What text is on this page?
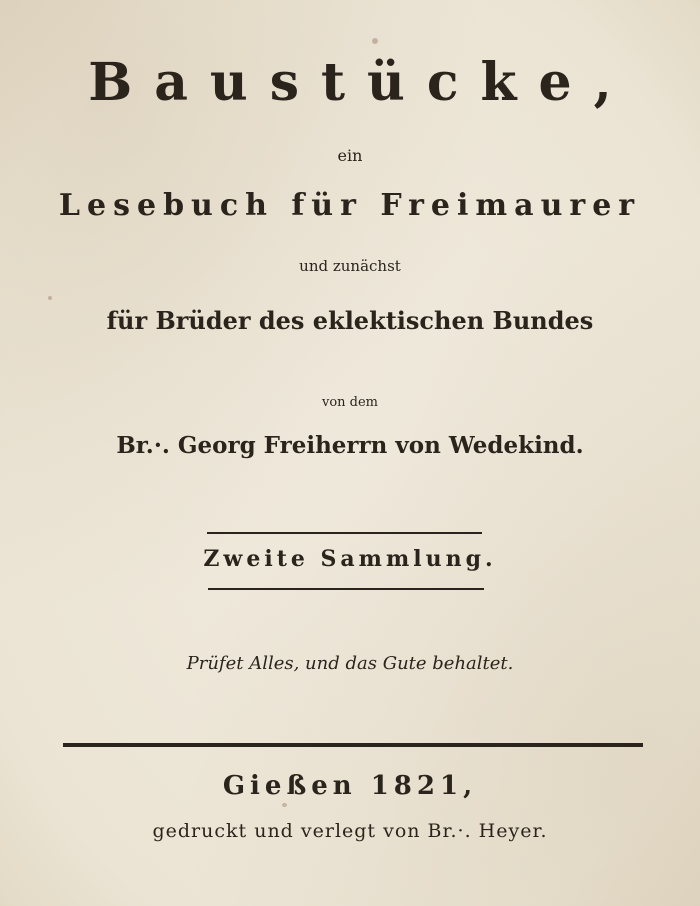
Baustücke,
ein
Lesebuch für Freimaurer
und zunächst
für Brüder des eklektischen Bundes
von dem
Br.·. Georg Freiherrn von Wedekind.
Zweite Sammlung.
Prüfet Alles, und das Gute behaltet.
Gießen 1821,
gedruckt und verlegt von Br.·. Heyer.
